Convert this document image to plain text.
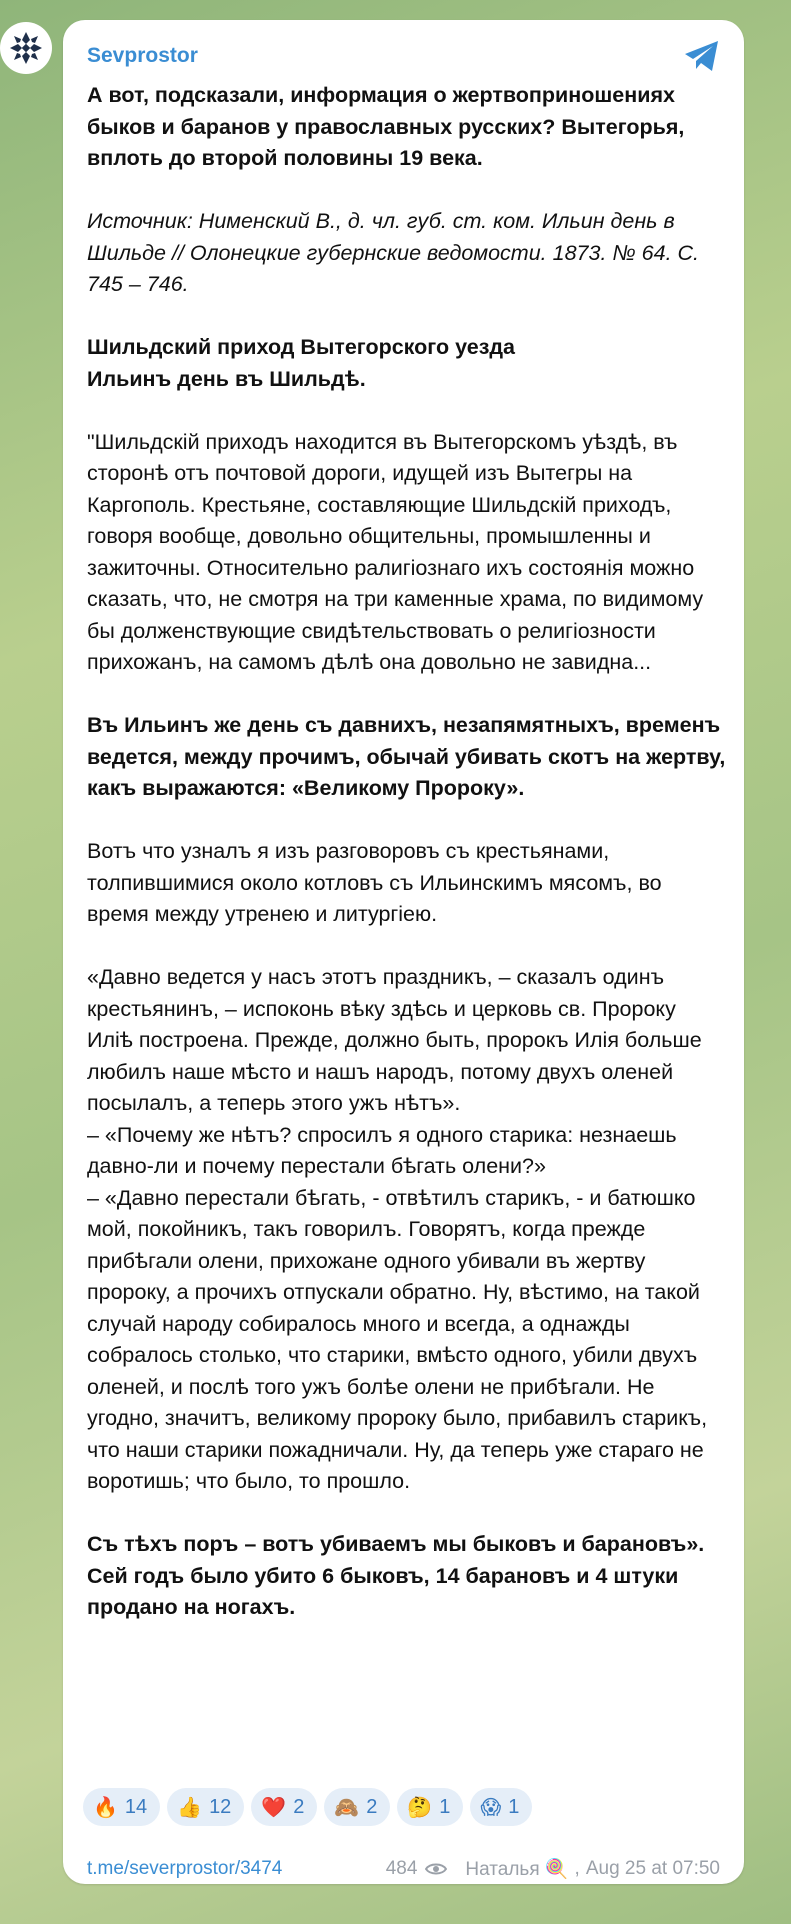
Sevprostor

А вот, подсказали, информация о жертвоприношениях быков и баранов у православных русских? Вытегорья, вплоть до второй половины 19 века.

Источник: Нименский В., д. чл. губ. ст. ком. Ильин день в Шильде // Олонецкие губернские ведомости. 1873. № 64. С. 745 – 746.

Шильдский приход Вытегорского уезда
Ильинъ день въ Шильдѣ.

"Шильдскій приходъ находится въ Вытегорскомъ уѣздѣ, въ сторонѣ отъ почтовой дороги, идущей изъ Вытегры на Каргополь. Крестьяне, составляющие Шильдскій приходъ, говоря вообще, довольно общительны, промышленны и зажиточны. Относительно ралигіознаго ихъ состоянія можно сказать, что, не смотря на три каменные храма, по видимому бы долженствующие свидѣтельствовать о религіозности прихожанъ, на самомъ дѣлѣ она довольно не завидна...

Въ Ильинъ же день съ давнихъ, незапямятныхъ, временъ ведется, между прочимъ, обычай убивать скотъ на жертву, какъ выражаются: «Великому Пророку».

Вотъ что узналъ я изъ разговоровъ съ крестьянами, толпившимися около котловъ съ Ильинскимъ мясомъ, во время между утренею и литургіею.

«Давно ведется у насъ этотъ праздникъ, – сказалъ одинъ крестьянинъ, – испоконь вѣку здѣсь и церковь св. Пророку Илiѣ построена. Прежде, должно быть, пророкъ Илія больше любилъ наше мѣсто и нашъ народъ, потому двухъ оленей посылалъ, а теперь этого ужъ нѣтъ».
– «Почему же нѣтъ? спросилъ я одного старика: незнаешь давно-ли и почему перестали бѣгать олени?»
– «Давно перестали бѣгать, - отвѣтилъ старикъ, - и батюшко мой, покойникъ, такъ говорилъ. Говорятъ, когда прежде прибѣгали олени, прихожане одного убивали въ жертву пророку, а прочихъ отпускали обратно. Ну, вѣстимо, на такой случай народу собиралось много и всегда, а однажды собралось столько, что старики, вмѣсто одного, убили двухъ оленей, и послѣ того ужъ болѣе олени не прибѣгали. Не угодно, значитъ, великому пророку было, прибавилъ старикъ, что наши старики пожадничали. Ну, да теперь уже стараго не воротишь; что было, то прошло.

Съ тѣхъ поръ – вотъ убиваемъ мы быковъ и барановъ». Сей годъ было убито 6 быковъ, 14 барановъ и 4 штуки продано на ногахъ.

🔥 14 👍 12 ❤️ 2 🙈 2 🤔 1 😱 1
t.me/severprostor/3474	484	Наталья 🍭 , Aug 25 at 07:50
